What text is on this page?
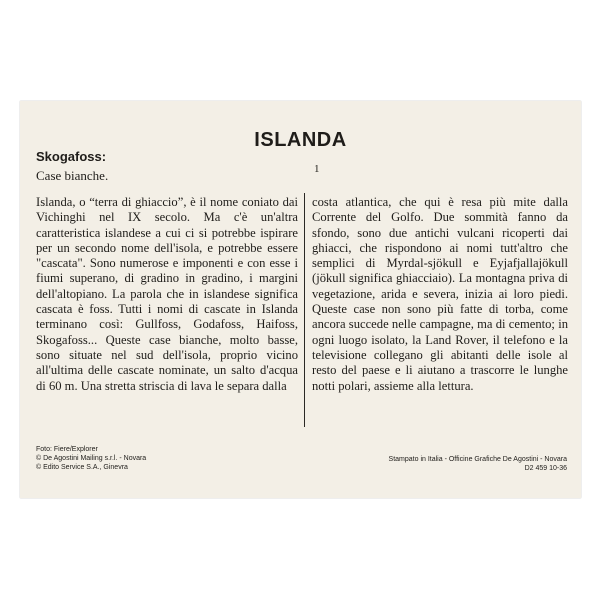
ISLANDA
Skogafoss:
Case bianche.	1
Islanda, o “terra di ghiaccio”, è il nome coniato dai Vichinghi nel IX secolo. Ma c'è un'altra caratteristica islandese a cui ci si potrebbe ispirare per un secondo nome dell'isola, e potrebbe essere "cascata". Sono numerose e imponenti e con esse i fiumi superano, di gradino in gradino, i margini dell'altopiano. La parola che in islandese significa cascata è foss. Tutti i nomi di cascate in Islanda terminano così: Gullfoss, Godafoss, Haifoss, Skogafoss... Queste case bianche, molto basse, sono situate nel sud dell'isola, proprio vicino all'ultima delle cascate nominate, un salto d'acqua di 60 m. Una stretta striscia di lava le separa dalla
costa atlantica, che qui è resa più mite dalla Corrente del Golfo. Due sommità fanno da sfondo, sono due antichi vulcani ricoperti dai ghiacci, che rispondono ai nomi tutt'altro che semplici di Myrdal-sjökull e Eyjafjallajökull (jökull significa ghiacciaio). La montagna priva di vegetazione, arida e severa, inizia ai loro piedi. Queste case non sono più fatte di torba, come ancora succede nelle campagne, ma di cemento; in ogni luogo isolato, la Land Rover, il telefono e la televisione collegano gli abitanti delle isole al resto del paese e li aiutano a trascorre le lunghe notti polari, assieme alla lettura.
Foto: Fiere/Explorer
© De Agostini Mailing s.r.l. - Novara
© Edito Service S.A., Ginevra
Stampato in Italia - Officine Grafiche De Agostini - Novara
D2 459 10-36
